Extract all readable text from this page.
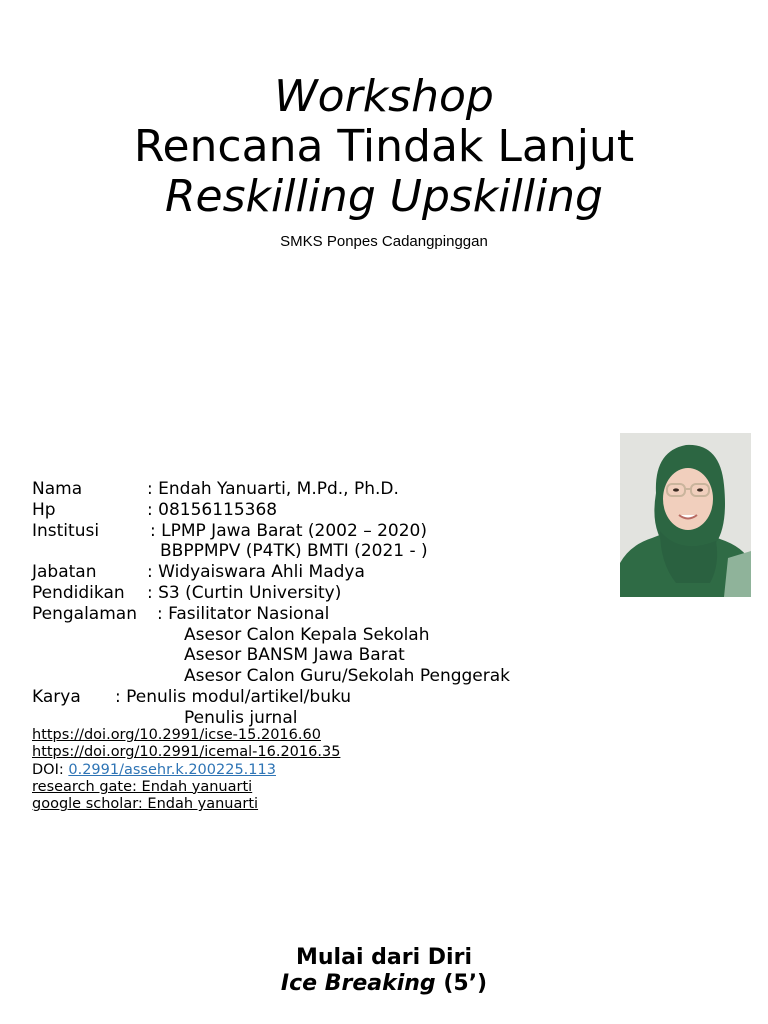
Workshop
Rencana Tindak Lanjut
Reskilling Upskilling
SMKS Ponpes Cadangpinggan
Nama	: Endah Yanuarti, M.Pd., Ph.D.
Hp	: 08156115368
Institusi	: LPMP Jawa Barat (2002 – 2020)
BBPPMPV (P4TK) BMTI (2021 - )
Jabatan	: Widyaiswara Ahli Madya
Pendidikan : S3 (Curtin University)
Pengalaman : Fasilitator Nasional
Asesor Calon Kepala Sekolah
Asesor BANSM Jawa Barat
Asesor Calon Guru/Sekolah Penggerak
Karya : Penulis modul/artikel/buku
Penulis jurnal
https://doi.org/10.2991/icse-15.2016.60
https://doi.org/10.2991/icemal-16.2016.35
DOI: 0.2991/assehr.k.200225.113
research gate: Endah yanuarti
google scholar: Endah yanuarti
Mulai dari Diri
Ice Breaking (5’)
